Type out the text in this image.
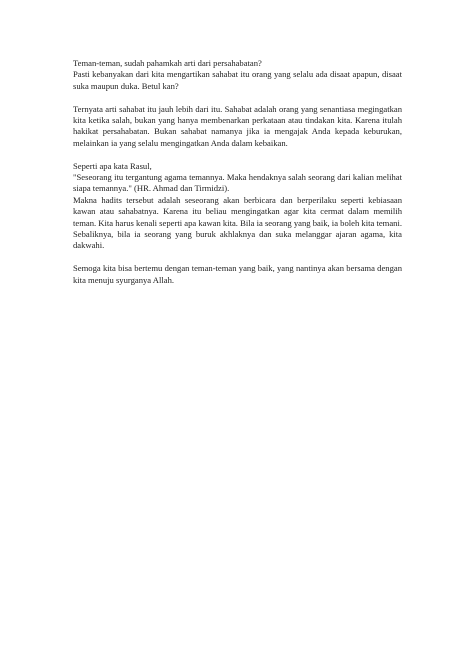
Teman-teman, sudah pahamkah arti dari persahabatan?
Pasti kebanyakan dari kita mengartikan sahabat itu orang yang selalu ada disaat apapun, disaat suka maupun duka. Betul kan?
Ternyata arti sahabat itu jauh lebih dari itu. Sahabat adalah orang yang senantiasa megingatkan kita ketika salah, bukan yang hanya membenarkan perkataan atau tindakan kita. Karena itulah hakikat persahabatan. Bukan sahabat namanya jika ia mengajak Anda kepada keburukan, melainkan ia yang selalu mengingatkan Anda dalam kebaikan.
Seperti apa kata Rasul,
"Seseorang itu tergantung agama temannya. Maka hendaknya salah seorang dari kalian melihat siapa temannya." (HR. Ahmad dan Tirmidzi).
Makna hadits tersebut adalah seseorang akan berbicara dan berperilaku seperti kebiasaan kawan atau sahabatnya. Karena itu beliau mengingatkan agar kita cermat dalam memilih teman. Kita harus kenali seperti apa kawan kita. Bila ia seorang yang baik, ia boleh kita temani. Sebaliknya, bila ia seorang yang buruk akhlaknya dan suka melanggar ajaran agama, kita dakwahi.
Semoga kita bisa bertemu dengan teman-teman yang baik, yang nantinya akan bersama dengan kita menuju syurganya Allah.
